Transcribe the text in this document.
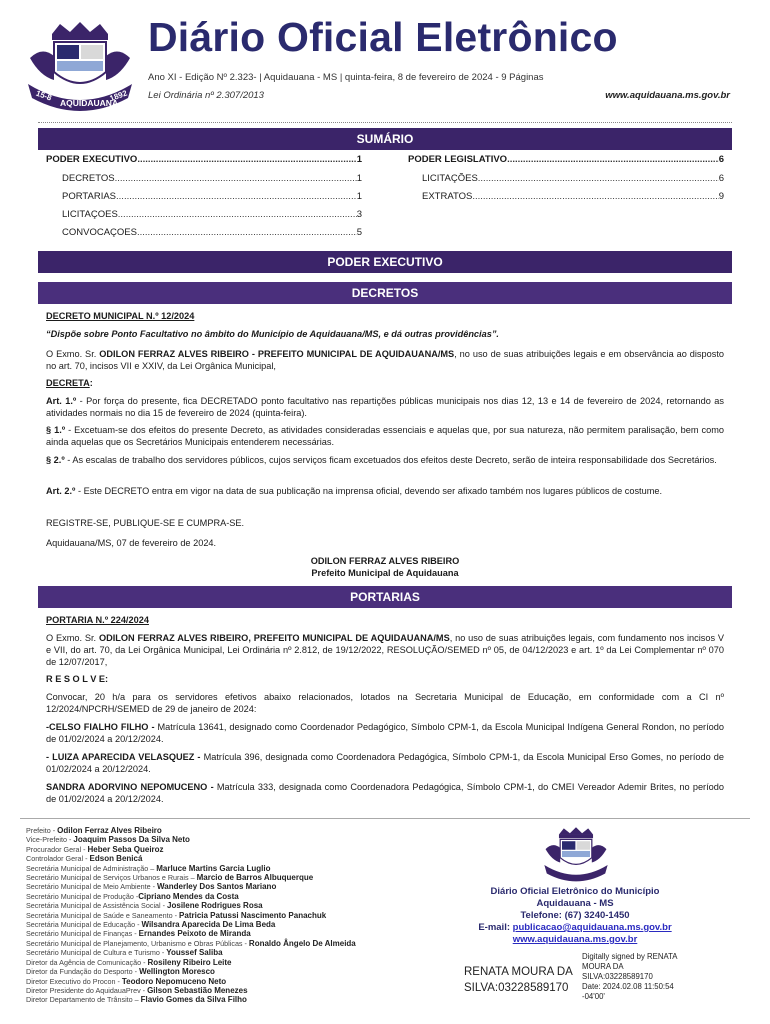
15-8
AQUIDAUANA
1892
Diário Oficial Eletrônico
Ano XI - Edição Nº 2.323- | Aquidauana - MS | quinta-feira, 8 de fevereiro de 2024 - 9 Páginas
Lei Ordinária nº 2.307/2013	www.aquidauana.ms.gov.br
SUMÁRIO
PODER EXECUTIVO .....	1
DECRETOS .....	1
PORTARIAS .....	1
LICITAÇOES .....	3
CONVOCAÇOES .....	5
PODER LEGISLATIVO .....	6
LICITAÇÕES .....	6
EXTRATOS .....	9
PODER EXECUTIVO
DECRETOS
DECRETO MUNICIPAL N.º 12/2024
“Dispõe sobre Ponto Facultativo no âmbito do Município de Aquidauana/MS, e dá outras providências”.
O Exmo. Sr. ODILON FERRAZ ALVES RIBEIRO - PREFEITO MUNICIPAL DE AQUIDAUANA/MS, no uso de suas atribuições legais e em observância ao disposto no art. 70, incisos VII e XXIV, da Lei Orgânica Municipal,
DECRETA:
Art. 1.º - Por força do presente, fica DECRETADO ponto facultativo nas repartições públicas municipais nos dias 12, 13 e 14 de fevereiro de 2024, retornando as atividades normais no dia 15 de fevereiro de 2024 (quinta-feira).
§ 1.º - Excetuam-se dos efeitos do presente Decreto, as atividades consideradas essenciais e aquelas que, por sua natureza, não permitem paralisação, bem como ainda aquelas que os Secretários Municipais entenderem necessárias.
§ 2.º - As escalas de trabalho dos servidores públicos, cujos serviços ficam excetuados dos efeitos deste Decreto, serão de inteira responsabilidade dos Secretários.
Art. 2.º - Este DECRETO entra em vigor na data de sua publicação na imprensa oficial, devendo ser afixado também nos lugares públicos de costume.
REGISTRE-SE, PUBLIQUE-SE E CUMPRA-SE.
Aquidauana/MS, 07 de fevereiro de 2024.
ODILON FERRAZ ALVES RIBEIRO
Prefeito Municipal de Aquidauana
PORTARIAS
PORTARIA N.º 224/2024
O Exmo. Sr. ODILON FERRAZ ALVES RIBEIRO, PREFEITO MUNICIPAL DE AQUIDAUANA/MS, no uso de suas atribuições legais, com fundamento nos incisos V e VII, do art. 70, da Lei Orgânica Municipal, Lei Ordinária nº 2.812, de 19/12/2022, RESOLUÇÃO/SEMED nº 05, de 04/12/2023 e art. 1º da Lei Complementar nº 070 de 12/07/2017,
R E S O L V E:
Convocar, 20 h/a para os servidores efetivos abaixo relacionados, lotados na Secretaria Municipal de Educação, em conformidade com a CI nº 12/2024/NPCRH/SEMED de 29 de janeiro de 2024:
-CELSO FIALHO FILHO - Matrícula 13641, designado como Coordenador Pedagógico, Símbolo CPM-1, da Escola Municipal Indígena General Rondon, no período de 01/02/2024 a 20/12/2024.
- LUIZA APARECIDA VELASQUEZ - Matrícula 396, designada como Coordenadora Pedagógica, Símbolo CPM-1, da Escola Municipal Erso Gomes, no período de 01/02/2024 a 20/12/2024.
SANDRA ADORVINO NEPOMUCENO - Matrícula 333, designada como Coordenadora Pedagógica, Símbolo CPM-1, do CMEI Vereador Ademir Brites, no período de 01/02/2024 a 20/12/2024.
Prefeito - Odilon Ferraz Alves Ribeiro
Vice-Prefeito - Joaquim Passos Da Silva Neto
Procurador Geral - Heber Seba Queiroz
Controlador Geral - Edson Benicá
Secretária Municipal de Administração – Marluce Martins Garcia Luglio
Secretário Municipal de Serviços Urbanos e Rurais – Marcio de Barros Albuquerque
Secretário Municipal de Meio Ambiente - Wanderley Dos Santos Mariano
Secretário Municipal de Produção -Cipriano Mendes da Costa
Secretária Municipal de Assistência Social - Josilene Rodrigues Rosa
Secretária Municipal de Saúde e Saneamento - Patricia Patussi Nascimento Panachuk
Secretária Municipal de Educação - Wilsandra Aparecida De Lima Beda
Secretário Municipal de Finanças - Ernandes Peixoto de Miranda
Secretário Municipal de Planejamento, Urbanismo e Obras Públicas - Ronaldo Ângelo De Almeida
Secretário Municipal de Cultura e Turismo - Youssef Saliba
Diretor da Agência de Comunicação - Rosileny Ribeiro Leite
Diretor da Fundação do Desporto - Wellington Moresco
Diretor Executivo do Procon - Teodoro Nepomuceno Neto
Diretor Presidente do AquidauaPrev - Gilson Sebastião Menezes
Diretor Departamento de Trânsito – Flavio Gomes da Silva Filho
Diário Oficial Eletrônico do Município
Aquidauana - MS
Telefone: (67) 3240-1450
E-mail: publicacao@aquidauana.ms.gov.br
www.aquidauana.ms.gov.br
RENATA MOURA DA
SILVA:03228589170
Digitally signed by RENATA
MOURA DA
SILVA:03228589170
Date: 2024.02.08 11:50:54
-04'00'
